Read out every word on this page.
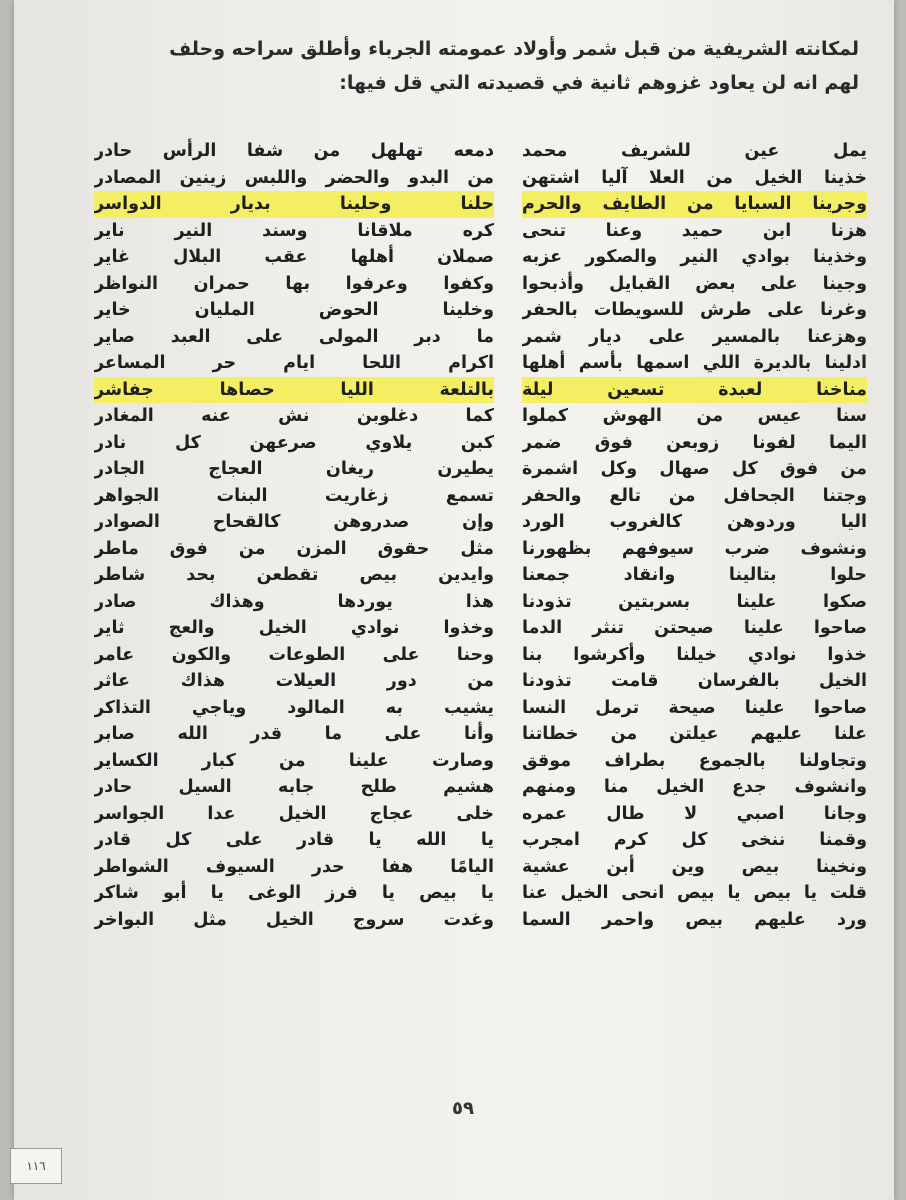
لمكانته الشريفية من قبل شمر وأولاد عمومته الجرباء وأطلق سراحه وحلف

لهم انه لن يعاود غزوهم ثانية في قصيدته التي قل فيها:

يمل عين للشريف محمد
خذينا الخيل من العلا آليا اشتهن
وجرينا السبايا من الطايف والحرم
هزنا ابن حميد وعنا تنحى
وخذينا بوادي النير والصكور عزبه
وجينا على بعض القبايل وأذبحوا
وغرنا على طرش للسويطات بالحفر
وهزعنا بالمسير على ديار شمر
ادلينا بالديرة اللي اسمها بأسم أهلها
مناخنا لعبدة تسعين ليلة
سنا عيس من الهوش كملوا
اليما لفونا زوبعن فوق ضمر
من فوق كل صهال وكل اشمرة
وجتنا الجحافل من تالع والحفر
اليا وردوهن كالغروب الورد
ونشوف ضرب سيوفهم بظهورنا
حلوا بتالينا وانقاد جمعنا
صكوا علينا بسربتين تذودنا
صاحوا علينا صيحتن تنثر الدما
خذوا نوادي خيلنا وأكرشوا بنا
الخيل بالفرسان قامت تذودنا
صاحوا علينا صيحة ترمل النسا
علنا عليهم عيلتن من خطاتنا
وتجاولنا بالجموع بطراف موقق
وانشوف جدع الخيل منا ومنهم
وجانا اصبي لا طال عمره
وقمنا ننخى كل كرم امجرب
ونخينا بيص وين أبن عشية
قلت يا بيص يا بيص انحى الخيل عنا
ورد عليهم بيص واحمر السما
دمعه تهلهل من شفا الرأس حادر
من البدو والحضر واللبس زينين المصادر
حلنا وحلينا بديار الدواسر
كره ملاقانا وسند النير ناير
صملان أهلها عقب البلال غاير
وكفوا وعرفوا بها حمران النواظر
وخلينا الحوض المليان خاير
ما دبر المولى على العبد صاير
اكرام اللحا ايام حر المساعر
بالتلعة الليا حصاها جفاشر
كما دغلوبن نش عنه المغادر
كبن يلاوي صرعهن كل نادر
يطيرن ريغان العجاج الجادر
تسمع زغاريت البنات الجواهر
وإن صدروهن كالقحاح الصوادر
مثل حقوق المزن من فوق ماطر
وايدين بيص تقطعن بحد شاطر
هذا يوردها وهذاك صادر
وخذوا نوادي الخيل والعج ثاير
وحنا على الطوعات والكون عامر
من دور العيلات هذاك عاثر
يشيب به المالود وياجي التذاكر
وأنا على ما قدر الله صابر
وصارت علينا من كبار الكساير
هشيم طلح جابه السيل حادر
خلى عجاج الخيل عدا الجواسر
يا الله يا قادر على كل قادر
اليامًا هفا حدر السيوف الشواطر
يا بيص يا فرز الوغى يا أبو شاكر
وغدت سروج الخيل مثل البواخر
٥٩
١١٦
